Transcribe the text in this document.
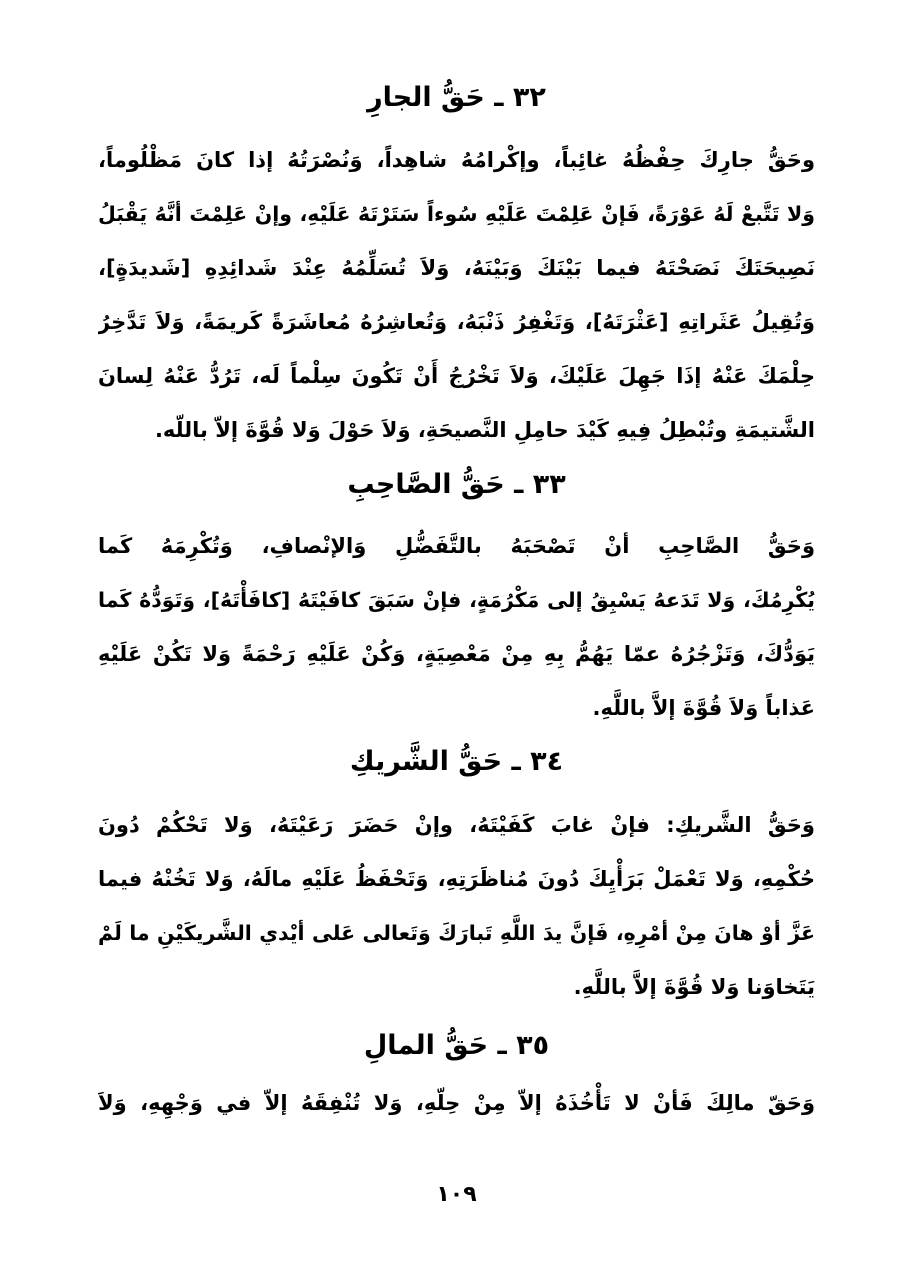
٣٢ ـ حَقُّ الجارِ
وحَقُّ جارِكَ حِفْظُهُ غائِباً، وإكْرامُهُ شاهِداً، وَنُصْرَتُهُ إذا كانَ مَظْلُوماً،
وَلا تَتَّبعْ لَهُ عَوْرَةً، فَإنْ عَلِمْتَ عَلَيْهِ سُوءاً سَتَرْتَهُ عَلَيْهِ، وإنْ عَلِمْتَ أنَّهُ يَقْبَلُ
نَصِيحَتَكَ نَصَحْتَهُ فيما بَيْنَكَ وَبَيْنَهُ، وَلاَ تُسَلِّمُهُ عِنْدَ شَدائِدِهِ [شَديدَةٍ]،
وَتُقِيلُ عَثَراتِهِ [عَثْرَتَهُ]، وَتَغْفِرُ ذَنْبَهُ، وَتُعاشِرُهُ مُعاشَرَةً كَريمَةً، وَلاَ تَدَّخِرُ
حِلْمَكَ عَنْهُ إذَا جَهِلَ عَلَيْكَ، وَلاَ تَخْرُجُ أَنْ تَكُونَ سِلْماً لَه، تَرُدُّ عَنْهُ لِسانَ
الشَّتيمَةِ وتُبْطِلُ فِيهِ كَيْدَ حامِلِ النَّصيحَةِ، وَلاَ حَوْلَ وَلا قُوَّةَ إلاّ باللّه.
٣٣ ـ حَقُّ الصَّاحِبِ
وَحَقُّ الصَّاحِبِ أنْ تَصْحَبَهُ بالتَّفَضُّلِ وَالإنْصافِ، وَتُكْرِمَهُ كَما
يُكْرِمُكَ، وَلا تَدَعهُ يَسْبِقُ إلى مَكْرُمَةٍ، فإنْ سَبَقَ كافَيْتَهُ [كافَأْتَهُ]، وَتَوَدُّهُ كَما
يَوَدُّكَ، وَتَزْجُرُهُ عمّا يَهُمُّ بِهِ مِنْ مَعْصِيَةٍ، وَكُنْ عَلَيْهِ رَحْمَةً وَلا تَكُنْ عَلَيْهِ
عَذاباً وَلاَ قُوَّةَ إلاَّ باللَّهِ.
٣٤ ـ حَقُّ الشَّريكِ
وَحَقُّ الشَّريكِ: فإنْ غابَ كَفَيْتَهُ، وإنْ حَضَرَ رَعَيْتَهُ، وَلا تَحْكُمْ دُونَ
حُكْمِهِ، وَلا تَعْمَلْ بَرَأْيِكَ دُونَ مُناظَرَتِهِ، وَتَحْفَظُ عَلَيْهِ مالَهُ، وَلا تَخُنْهُ فيما
عَزَّ أوْ هانَ مِنْ أمْرِهِ، فَإنَّ يدَ اللَّهِ تَبارَكَ وَتَعالى عَلى أيْدي الشَّريكَيْنِ ما لَمْ
يَتَخاوَنا وَلا قُوَّةَ إلاَّ باللَّهِ.
٣٥ ـ حَقُّ المالِ
وَحَقّ مالِكَ فَأنْ لا تَأْخُذَهُ إلاّ مِنْ حِلّهِ، وَلا تُنْفِقَهُ إلاّ في وَجْهِهِ، وَلاَ
١٠٩
